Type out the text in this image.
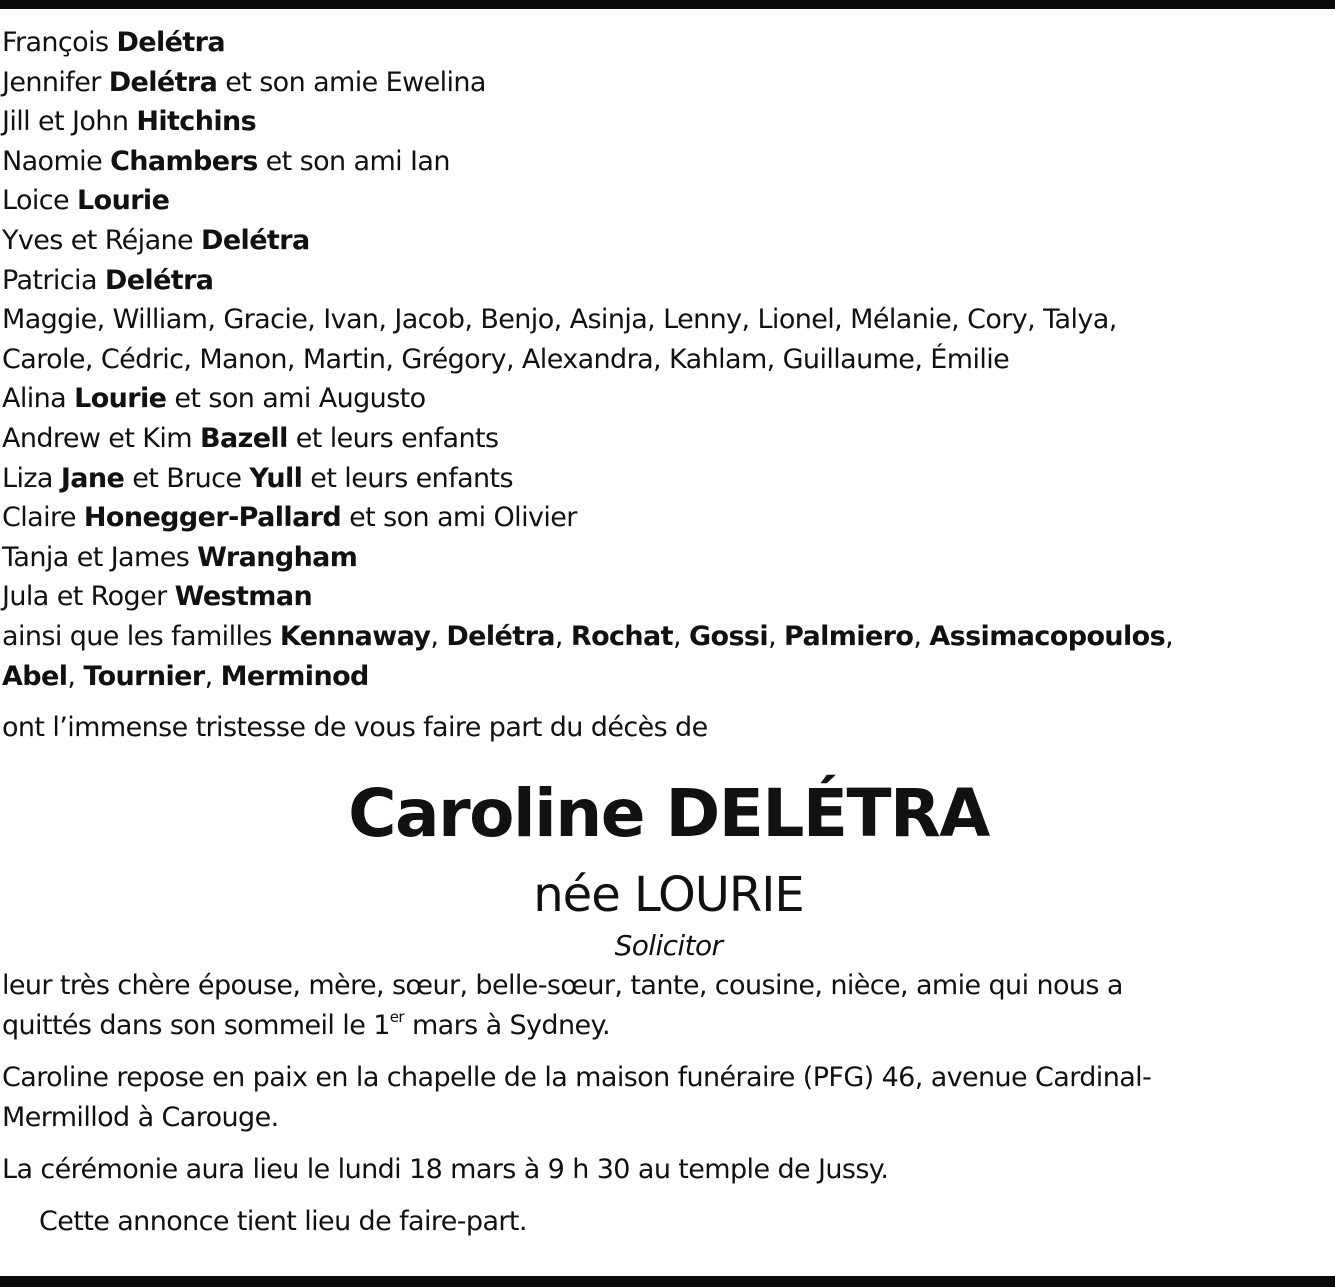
François Delétra
Jennifer Delétra et son amie Ewelina
Jill et John Hitchins
Naomie Chambers et son ami Ian
Loice Lourie
Yves et Réjane Delétra
Patricia Delétra
Maggie, William, Gracie, Ivan, Jacob, Benjo, Asinja, Lenny, Lionel, Mélanie, Cory, Talya,
Carole, Cédric, Manon, Martin, Grégory, Alexandra, Kahlam, Guillaume, Émilie
Alina Lourie et son ami Augusto
Andrew et Kim Bazell et leurs enfants
Liza Jane et Bruce Yull et leurs enfants
Claire Honegger-Pallard et son ami Olivier
Tanja et James Wrangham
Jula et Roger Westman
ainsi que les familles Kennaway, Delétra, Rochat, Gossi, Palmiero, Assimacopoulos,
Abel, Tournier, Merminod
ont l’immense tristesse de vous faire part du décès de
Caroline DELÉTRA
née LOURIE
Solicitor
leur très chère épouse, mère, sœur, belle-sœur, tante, cousine, nièce, amie qui nous a
quittés dans son sommeil le 1er mars à Sydney.
Caroline repose en paix en la chapelle de la maison funéraire (PFG) 46, avenue Cardinal-
Mermillod à Carouge.
La cérémonie aura lieu le lundi 18 mars à 9 h 30 au temple de Jussy.
Cette annonce tient lieu de faire-part.
